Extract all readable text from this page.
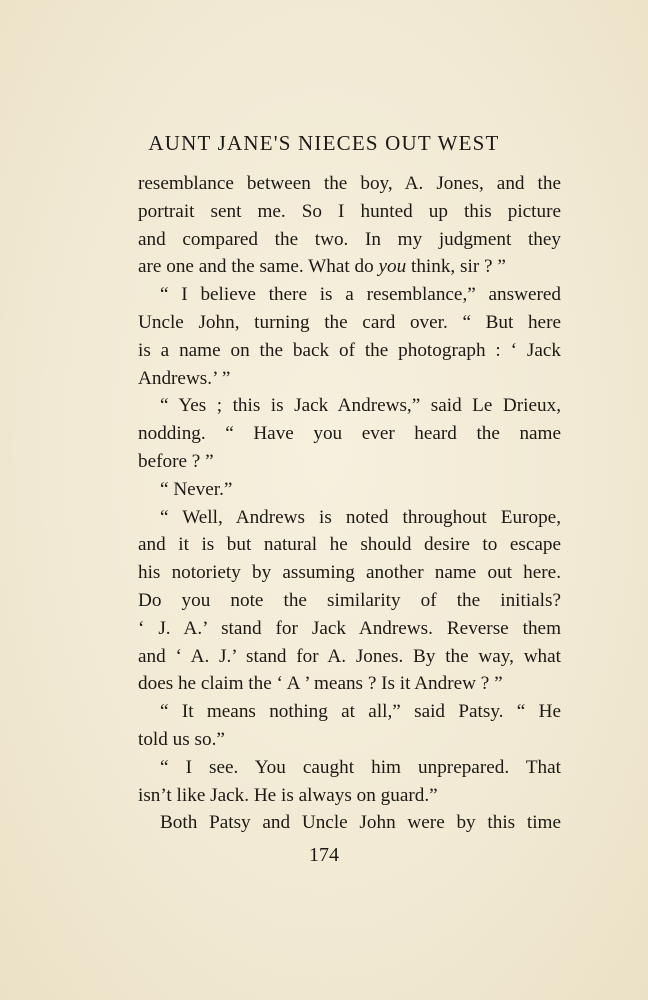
AUNT JANE'S NIECES OUT WEST
resemblance between the boy, A. Jones, and the
portrait sent me. So I hunted up this picture
and compared the two. In my judgment they
are one and the same. What do you think, sir ? ”
“ I believe there is a resemblance,” answered
Uncle John, turning the card over. “ But here
is a name on the back of the photograph : ‘ Jack
Andrews.’ ”
“ Yes ; this is Jack Andrews,” said Le Drieux,
nodding. “ Have you ever heard the name
before ? ”
“ Never.”
“ Well, Andrews is noted throughout Europe,
and it is but natural he should desire to escape
his notoriety by assuming another name out here.
Do you note the similarity of the initials?
‘ J. A.’ stand for Jack Andrews. Reverse them
and ‘ A. J.’ stand for A. Jones. By the way, what
does he claim the ‘ A ’ means ? Is it Andrew ? ”
“ It means nothing at all,” said Patsy. “ He
told us so.”
“ I see. You caught him unprepared. That
isn’t like Jack. He is always on guard.”
Both Patsy and Uncle John were by this time
174
